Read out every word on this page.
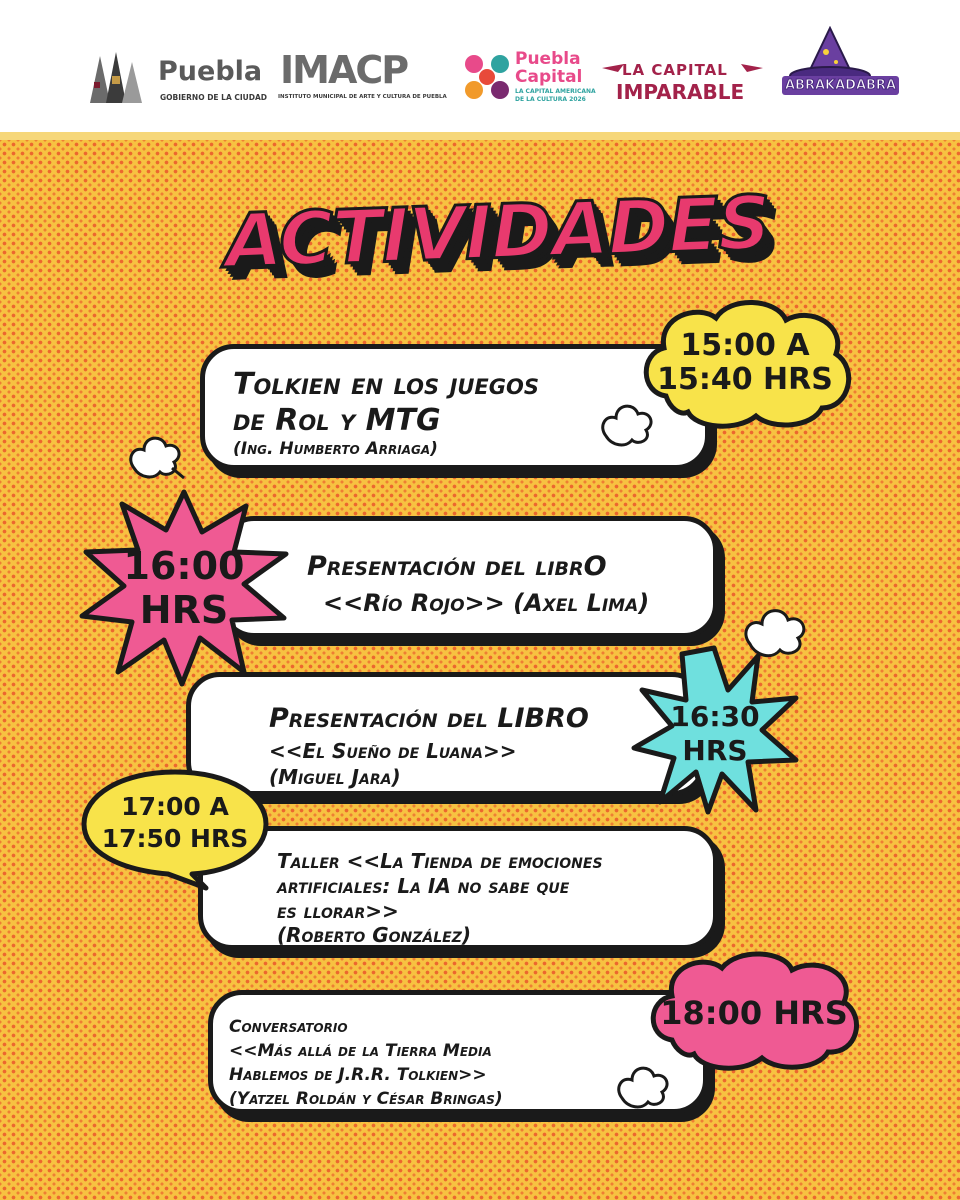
Puebla
GOBIERNO DE LA CIUDAD
IMACP
INSTITUTO MUNICIPAL DE ARTE Y CULTURA DE PUEBLA
Puebla
Capital
LA CAPITAL AMERICANA
DE LA CULTURA 2026
LA CAPITAL
IMPARABLE	ABRAKADABRA
ACTIVIDADES
Tolkien en los juegos
de Rol y MTG
(Ing. Humberto Arriaga)
Presentación del librO
<<Río Rojo>> (Axel Lima)
Presentación del LIBRO
<<El Sueño de Luana>>
(Miguel Jara)
Taller <<La Tienda de emociones
artificiales: La IA no sabe que
es llorar>>
(Roberto González)
Conversatorio
<<Más allá de la Tierra Media
Hablemos de J.R.R. Tolkien>>
(Yatzel Roldán y César Bringas)
15:00 A
15:40 HRS
16:00
HRS
16:30
HRS
17:00 A
17:50 HRS
18:00 HRS
